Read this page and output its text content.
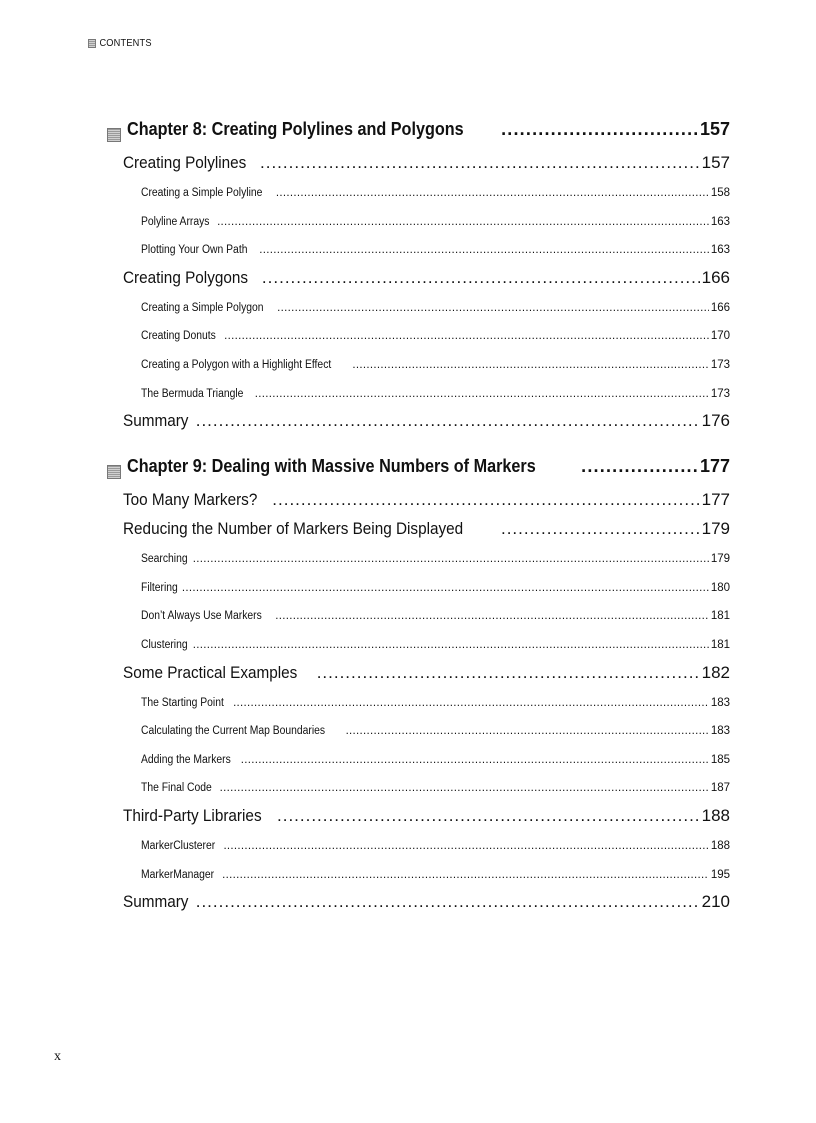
CONTENTS
Chapter 8: Creating Polylines and Polygons .....	157
Creating Polylines .....	157
Creating a Simple Polyline .....	158
Polyline Arrays .....	163
Plotting Your Own Path .....	163
Creating Polygons .....	166
Creating a Simple Polygon .....	166
Creating Donuts .....	170
Creating a Polygon with a Highlight Effect .....	173
The Bermuda Triangle .....	173
Summary .....	176
Chapter 9: Dealing with Massive Numbers of Markers .....	177
Too Many Markers? .....	177
Reducing the Number of Markers Being Displayed .....	179
Searching .....	179
Filtering .....	180
Don’t Always Use Markers .....	181
Clustering .....	181
Some Practical Examples .....	182
The Starting Point .....	183
Calculating the Current Map Boundaries .....	183
Adding the Markers .....	185
The Final Code .....	187
Third-Party Libraries .....	188
MarkerClusterer .....	188
MarkerManager .....	195
Summary .....	210
x
